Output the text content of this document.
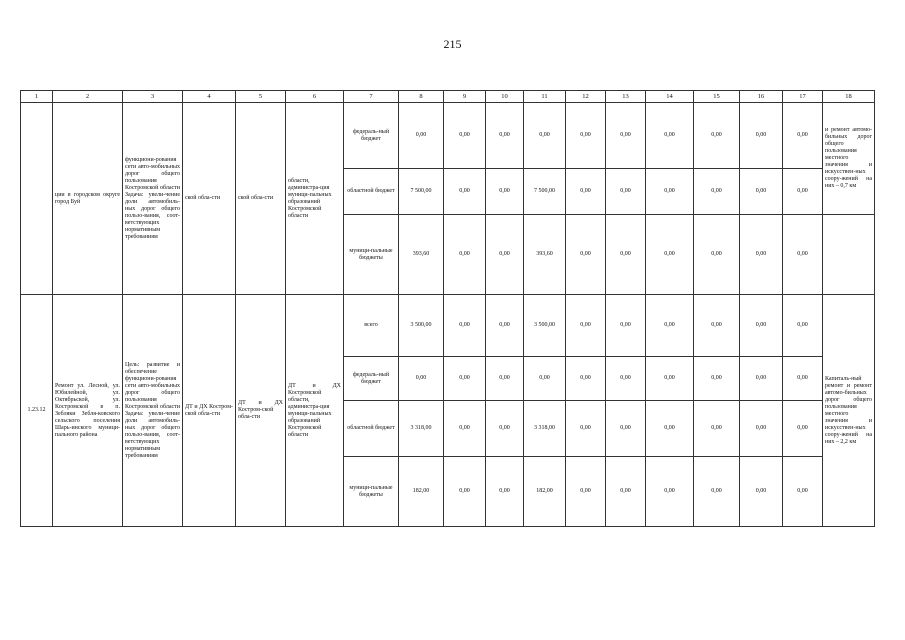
215
1	2	3	4	5	6	7	8	9	10	11	12	13	14	15	16	17	18
	ции в городском округе город Буй	функциони-рования сети авто-мобильных дорог общего пользования Костромской области Задача: увели-чение доли автомобиль-ных дорог общего пользо-вания, соот-ветствующих нормативным требованиям	ской обла-сти	ской обла-сти	области, администра-ция муници-пальных образований Костромской области	федераль-ный бюджет	0,00	0,00	0,00	0,00	0,00	0,00	0,00	0,00	0,00	0,00	и ремонт автомо-бильных дорог общего пользования местного значения и искусствен-ных соору-жений на них – 0,7 км
						областной бюджет	7 500,00	0,00	0,00	7 500,00	0,00	0,00	0,00	0,00	0,00	0,00	
						муници-пальные бюджеты	393,60	0,00	0,00	393,60	0,00	0,00	0,00	0,00	0,00	0,00	
1.23.12	Ремонт ул. Лесной, ул. Юбилейной, ул. Октябрьской, ул. Костромской в п. Зебляки Зебля-ковского сельского поселения Шарь-инского муници-пального района	Цель: развитие и обеспечение функциони-рования сети авто-мобильных дорог общего пользования Костромской области Задача: увели-чение доли автомобиль-ных дорог общего пользо-вания, соот-ветствующих нормативным требованиям	ДТ и ДХ Костром-ской обла-сти	ДТ и ДХ Костром-ской обла-сти	ДТ и ДХ Костромской области, администра-ция муници-пальных образований Костромской области	всего	3 500,00	0,00	0,00	3 500,00	0,00	0,00	0,00	0,00	0,00	0,00	Капиталь-ный ремонт и ремонт автомо-бильных дорог общего пользования местного значения и искусствен-ных соору-жений на них – 2,2 км
						федераль-ный бюджет	0,00	0,00	0,00	0,00	0,00	0,00	0,00	0,00	0,00	0,00	
						областной бюджет	3 318,00	0,00	0,00	3 318,00	0,00	0,00	0,00	0,00	0,00	0,00	
						муници-пальные бюджеты	182,00	0,00	0,00	182,00	0,00	0,00	0,00	0,00	0,00	0,00	
